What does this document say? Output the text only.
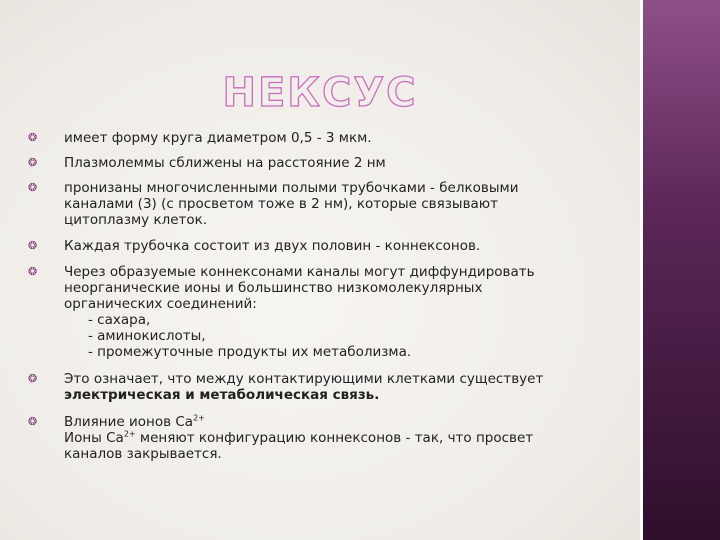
НЕКСУС
❂	имеет форму круга диаметром 0,5 - 3 мкм.
❂	Плазмолеммы сближены на расстояние 2 нм
❂	пронизаны многочисленными полыми трубочками - белковыми
каналами (3) (с просветом тоже в 2 нм), которые связывают
цитоплазму клеток.
❂	Каждая трубочка состоит из двух половин - коннексонов.
❂	Через образуемые коннексонами каналы могут диффундировать
неорганические ионы и большинство низкомолекулярных
органических соединений:
- сахара,
- аминокислоты,
- промежуточные продукты их метаболизма.
❂	Это означает, что между контактирующими клетками существует
электрическая и метаболическая связь.
❂	Влияние ионов $Са^{2+}$
Ионы $Са^{2+}$ меняют конфигурацию коннексонов - так, что просвет
каналов закрывается.
